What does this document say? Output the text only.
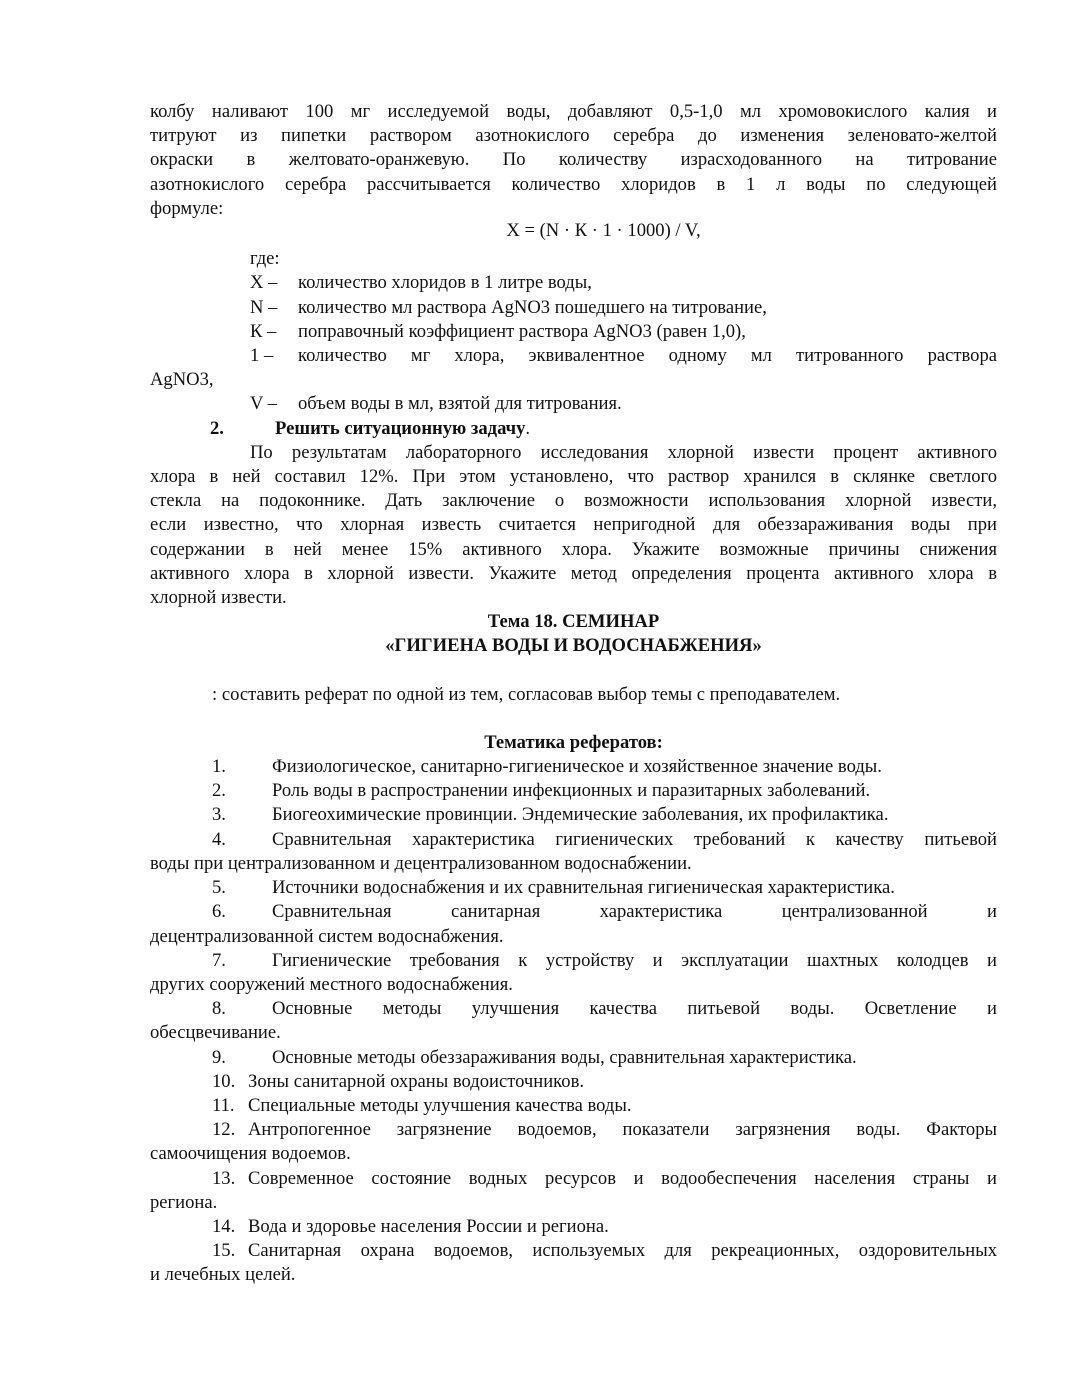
колбу наливают 100 мг исследуемой воды, добавляют 0,5-1,0 мл хромовокислого калия и
титруют из пипетки раствором азотнокислого серебра до изменения зеленовато-желтой
окраски в желтовато-оранжевую. По количеству израсходованного на титрование
азотнокислого серебра рассчитывается количество хлоридов в 1 л воды по следующей
формуле:
X = (N · К · 1 · 1000) / V,
где:
X –	количество хлоридов в 1 литре воды,
N –	количество мл раствора AgNO3 пошедшего на титрование,
К –	поправочный коэффициент раствора AgNO3 (равен 1,0),
1 –	количество мг хлора, эквивалентное одному мл титрованного раствора
AgNO3,
V –	объем воды в мл, взятой для титрования.
2.	Решить ситуационную задачу.
По результатам лабораторного исследования хлорной извести процент активного
хлора в ней составил 12%. При этом установлено, что раствор хранился в склянке светлого
стекла на подоконнике. Дать заключение о возможности использования хлорной извести,
если известно, что хлорная известь считается непригодной для обеззараживания воды при
содержании в ней менее 15% активного хлора. Укажите возможные причины снижения
активного хлора в хлорной извести. Укажите метод определения процента активного хлора в
хлорной извести.
Тема 18. СЕМИНАР
«ГИГИЕНА ВОДЫ И ВОДОСНАБЖЕНИЯ»
: составить реферат по одной из тем, согласовав выбор темы с преподавателем.
Тематика рефератов:
1.	Физиологическое, санитарно-гигиеническое и хозяйственное значение воды.
2.	Роль воды в распространении инфекционных и паразитарных заболеваний.
3.	Биогеохимические провинции. Эндемические заболевания, их профилактика.
4.	Сравнительная характеристика гигиенических требований к качеству питьевой
воды при централизованном и децентрализованном водоснабжении.
5.	Источники водоснабжения и их сравнительная гигиеническая характеристика.
6.	Сравнительная санитарная характеристика централизованной и
децентрализованной систем водоснабжения.
7.	Гигиенические требования к устройству и эксплуатации шахтных колодцев и
других сооружений местного водоснабжения.
8.	Основные методы улучшения качества питьевой воды. Осветление и
обесцвечивание.
9.	Основные методы обеззараживания воды, сравнительная характеристика.
10. Зоны санитарной охраны водоисточников.
11. Специальные методы улучшения качества воды.
12. Антропогенное загрязнение водоемов, показатели загрязнения воды. Факторы
самоочищения водоемов.
13. Современное состояние водных ресурсов и водообеспечения населения страны и
региона.
14. Вода и здоровье населения России и региона.
15. Санитарная охрана водоемов, используемых для рекреационных, оздоровительных
и лечебных целей.
